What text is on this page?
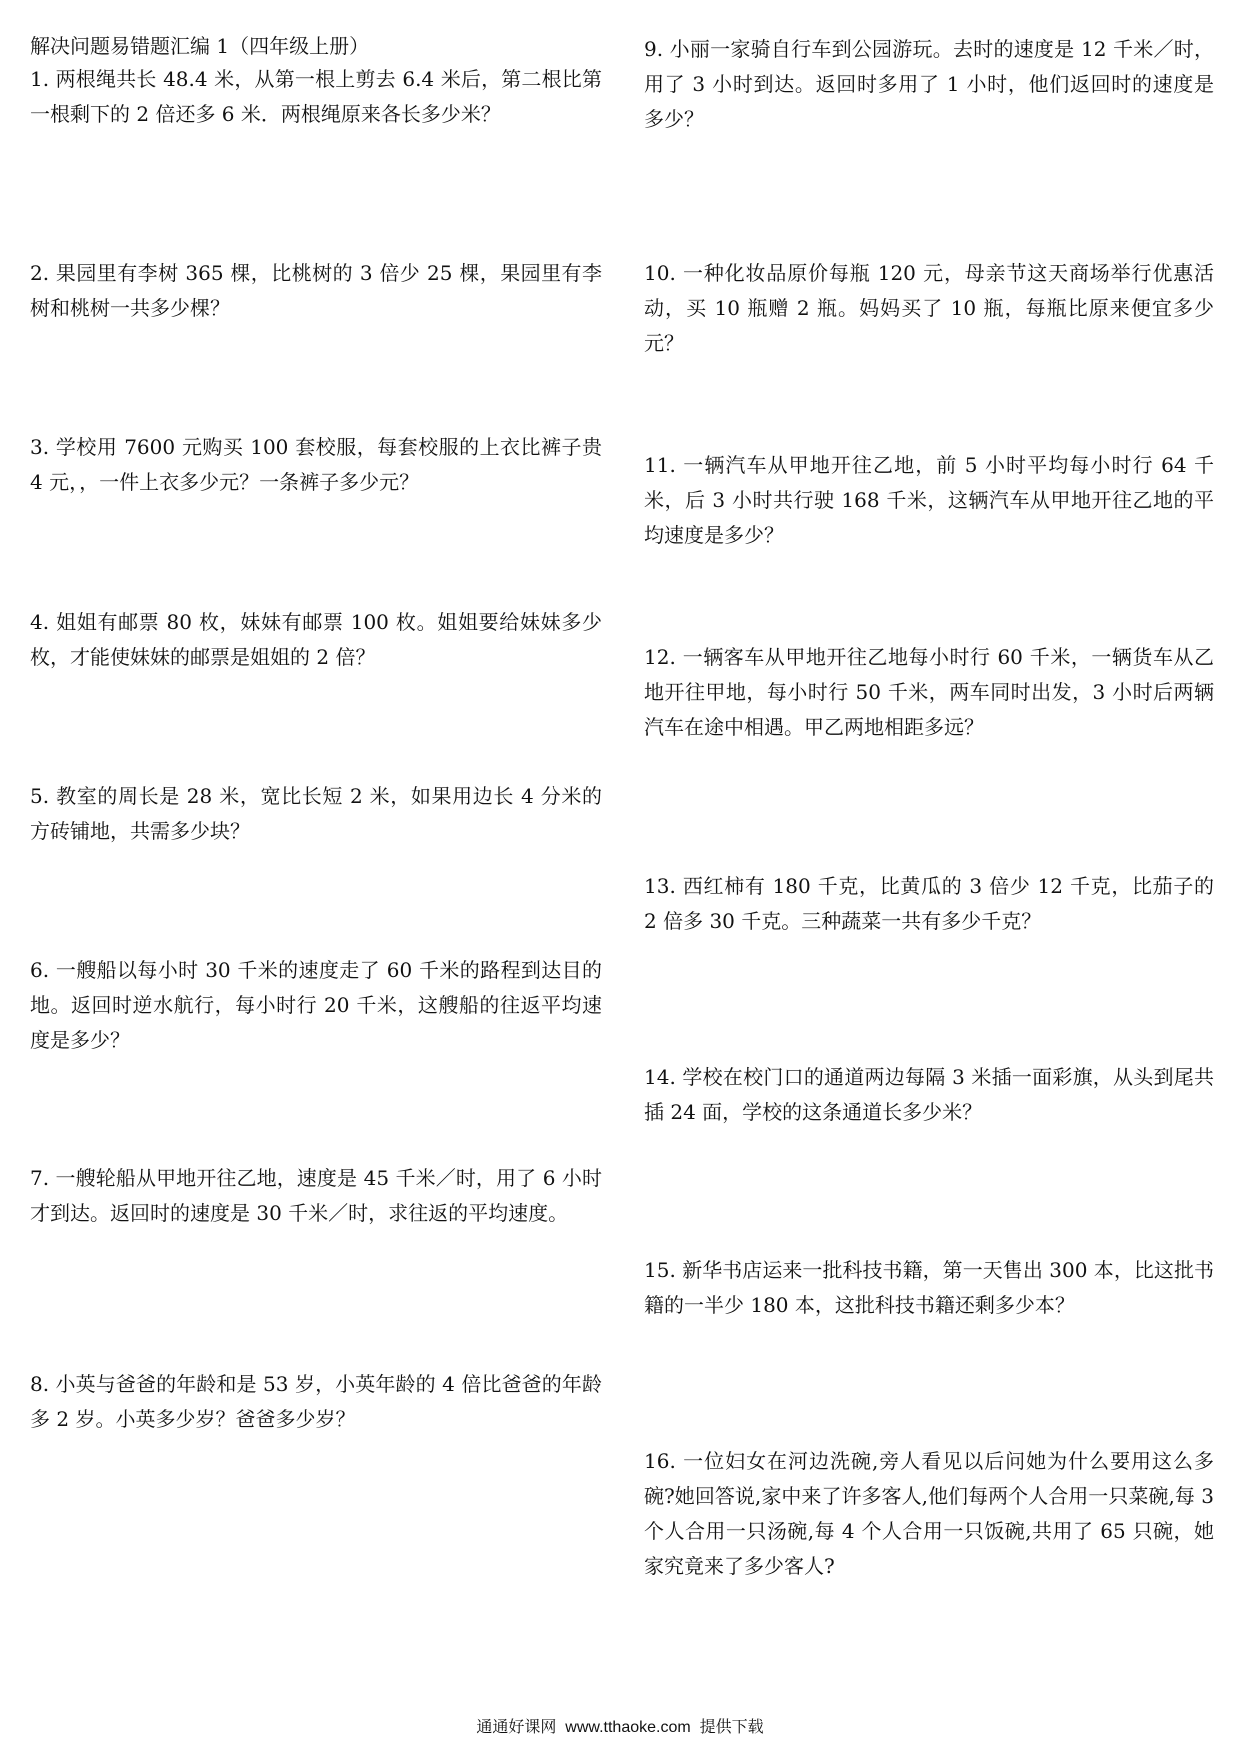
解决问题易错题汇编 1（四年级上册）

1. 两根绳共长 48.4 米，从第一根上剪去 6.4 米后，第二根比第一根剩下的 2 倍还多 6 米．两根绳原来各长多少米？

2. 果园里有李树 365 棵，比桃树的 3 倍少 25 棵，果园里有李树和桃树一共多少棵？

3. 学校用 7600 元购买 100 套校服，每套校服的上衣比裤子贵 4 元，，一件上衣多少元？一条裤子多少元？

4. 姐姐有邮票 80 枚，妹妹有邮票 100 枚。姐姐要给妹妹多少枚，才能使妹妹的邮票是姐姐的 2 倍？

5. 教室的周长是 28 米，宽比长短 2 米，如果用边长 4 分米的方砖铺地，共需多少块？

6. 一艘船以每小时 30 千米的速度走了 60 千米的路程到达目的地。返回时逆水航行，每小时行 20 千米，这艘船的往返平均速度是多少？

7. 一艘轮船从甲地开往乙地，速度是 45 千米／时，用了 6 小时才到达。返回时的速度是 30 千米／时，求往返的平均速度。

8. 小英与爸爸的年龄和是 53 岁，小英年龄的 4 倍比爸爸的年龄多 2 岁。小英多少岁？爸爸多少岁？

9. 小丽一家骑自行车到公园游玩。去时的速度是 12 千米／时，用了 3 小时到达。返回时多用了 1 小时，他们返回时的速度是多少？

10. 一种化妆品原价每瓶 120 元，母亲节这天商场举行优惠活动，买 10 瓶赠 2 瓶。妈妈买了 10 瓶，每瓶比原来便宜多少元？

11. 一辆汽车从甲地开往乙地，前 5 小时平均每小时行 64 千米，后 3 小时共行驶 168 千米，这辆汽车从甲地开往乙地的平均速度是多少？

12. 一辆客车从甲地开往乙地每小时行 60 千米，一辆货车从乙地开往甲地，每小时行 50 千米，两车同时出发，3 小时后两辆汽车在途中相遇。甲乙两地相距多远？

13. 西红柿有 180 千克，比黄瓜的 3 倍少 12 千克，比茄子的 2 倍多 30 千克。三种蔬菜一共有多少千克？

14. 学校在校门口的通道两边每隔 3 米插一面彩旗，从头到尾共插 24 面，学校的这条通道长多少米？

15. 新华书店运来一批科技书籍，第一天售出 300 本，比这批书籍的一半少 180 本，这批科技书籍还剩多少本？

16. 一位妇女在河边洗碗,旁人看见以后问她为什么要用这么多碗?她回答说,家中来了许多客人,他们每两个人合用一只菜碗,每 3 个人合用一只汤碗,每 4 个人合用一只饭碗,共用了 65 只碗，她家究竟来了多少客人?

通通好课网  www.tthaoke.com  提供下载
